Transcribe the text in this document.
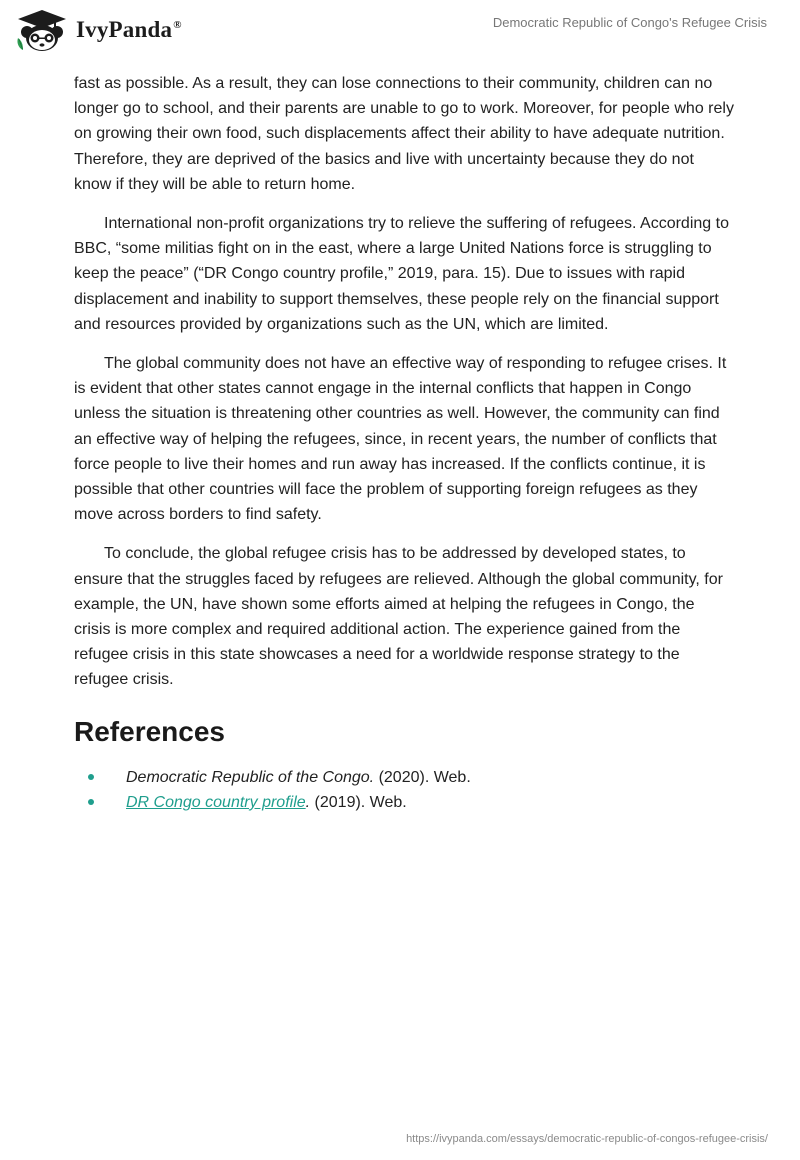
IvyPanda®	Democratic Republic of Congo's Refugee Crisis

fast as possible. As a result, they can lose connections to their community, children can no longer go to school, and their parents are unable to go to work. Moreover, for people who rely on growing their own food, such displacements affect their ability to have adequate nutrition. Therefore, they are deprived of the basics and live with uncertainty because they do not know if they will be able to return home.

International non-profit organizations try to relieve the suffering of refugees. According to BBC, “some militias fight on in the east, where a large United Nations force is struggling to keep the peace” (“DR Congo country profile,” 2019, para. 15). Due to issues with rapid displacement and inability to support themselves, these people rely on the financial support and resources provided by organizations such as the UN, which are limited.

The global community does not have an effective way of responding to refugee crises. It is evident that other states cannot engage in the internal conflicts that happen in Congo unless the situation is threatening other countries as well. However, the community can find an effective way of helping the refugees, since, in recent years, the number of conflicts that force people to live their homes and run away has increased. If the conflicts continue, it is possible that other countries will face the problem of supporting foreign refugees as they move across borders to find safety.

To conclude, the global refugee crisis has to be addressed by developed states, to ensure that the struggles faced by refugees are relieved. Although the global community, for example, the UN, have shown some efforts aimed at helping the refugees in Congo, the crisis is more complex and required additional action. The experience gained from the refugee crisis in this state showcases a need for a worldwide response strategy to the refugee crisis.

References
Democratic Republic of the Congo. (2020). Web.
DR Congo country profile. (2019). Web.
https://ivypanda.com/essays/democratic-republic-of-congos-refugee-crisis/
